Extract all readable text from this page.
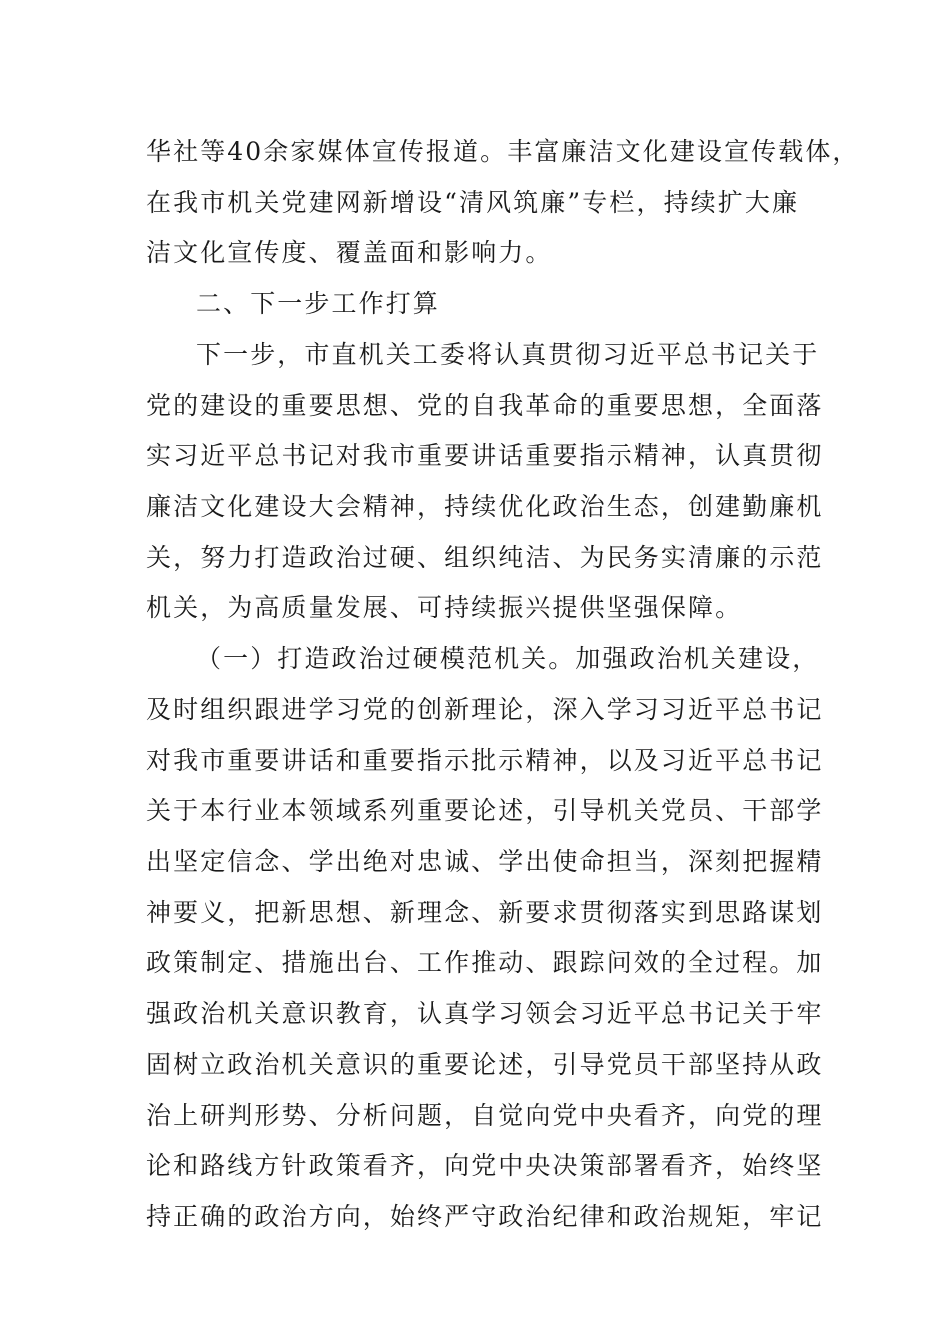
华社等40余家媒体宣传报道。丰富廉洁文化建设宣传载体，
在我市机关党建网新增设“清风筑廉”专栏，持续扩大廉
洁文化宣传度、覆盖面和影响力。
二、下一步工作打算
下一步，市直机关工委将认真贯彻习近平总书记关于
党的建设的重要思想、党的自我革命的重要思想，全面落
实习近平总书记对我市重要讲话重要指示精神，认真贯彻
廉洁文化建设大会精神，持续优化政治生态，创建勤廉机
关，努力打造政治过硬、组织纯洁、为民务实清廉的示范
机关，为高质量发展、可持续振兴提供坚强保障。
（一）打造政治过硬模范机关。加强政治机关建设，
及时组织跟进学习党的创新理论，深入学习习近平总书记
对我市重要讲话和重要指示批示精神，以及习近平总书记
关于本行业本领域系列重要论述，引导机关党员、干部学
出坚定信念、学出绝对忠诚、学出使命担当，深刻把握精
神要义，把新思想、新理念、新要求贯彻落实到思路谋划
政策制定、措施出台、工作推动、跟踪问效的全过程。加
强政治机关意识教育，认真学习领会习近平总书记关于牢
固树立政治机关意识的重要论述，引导党员干部坚持从政
治上研判形势、分析问题，自觉向党中央看齐，向党的理
论和路线方针政策看齐，向党中央决策部署看齐，始终坚
持正确的政治方向，始终严守政治纪律和政治规矩，牢记
